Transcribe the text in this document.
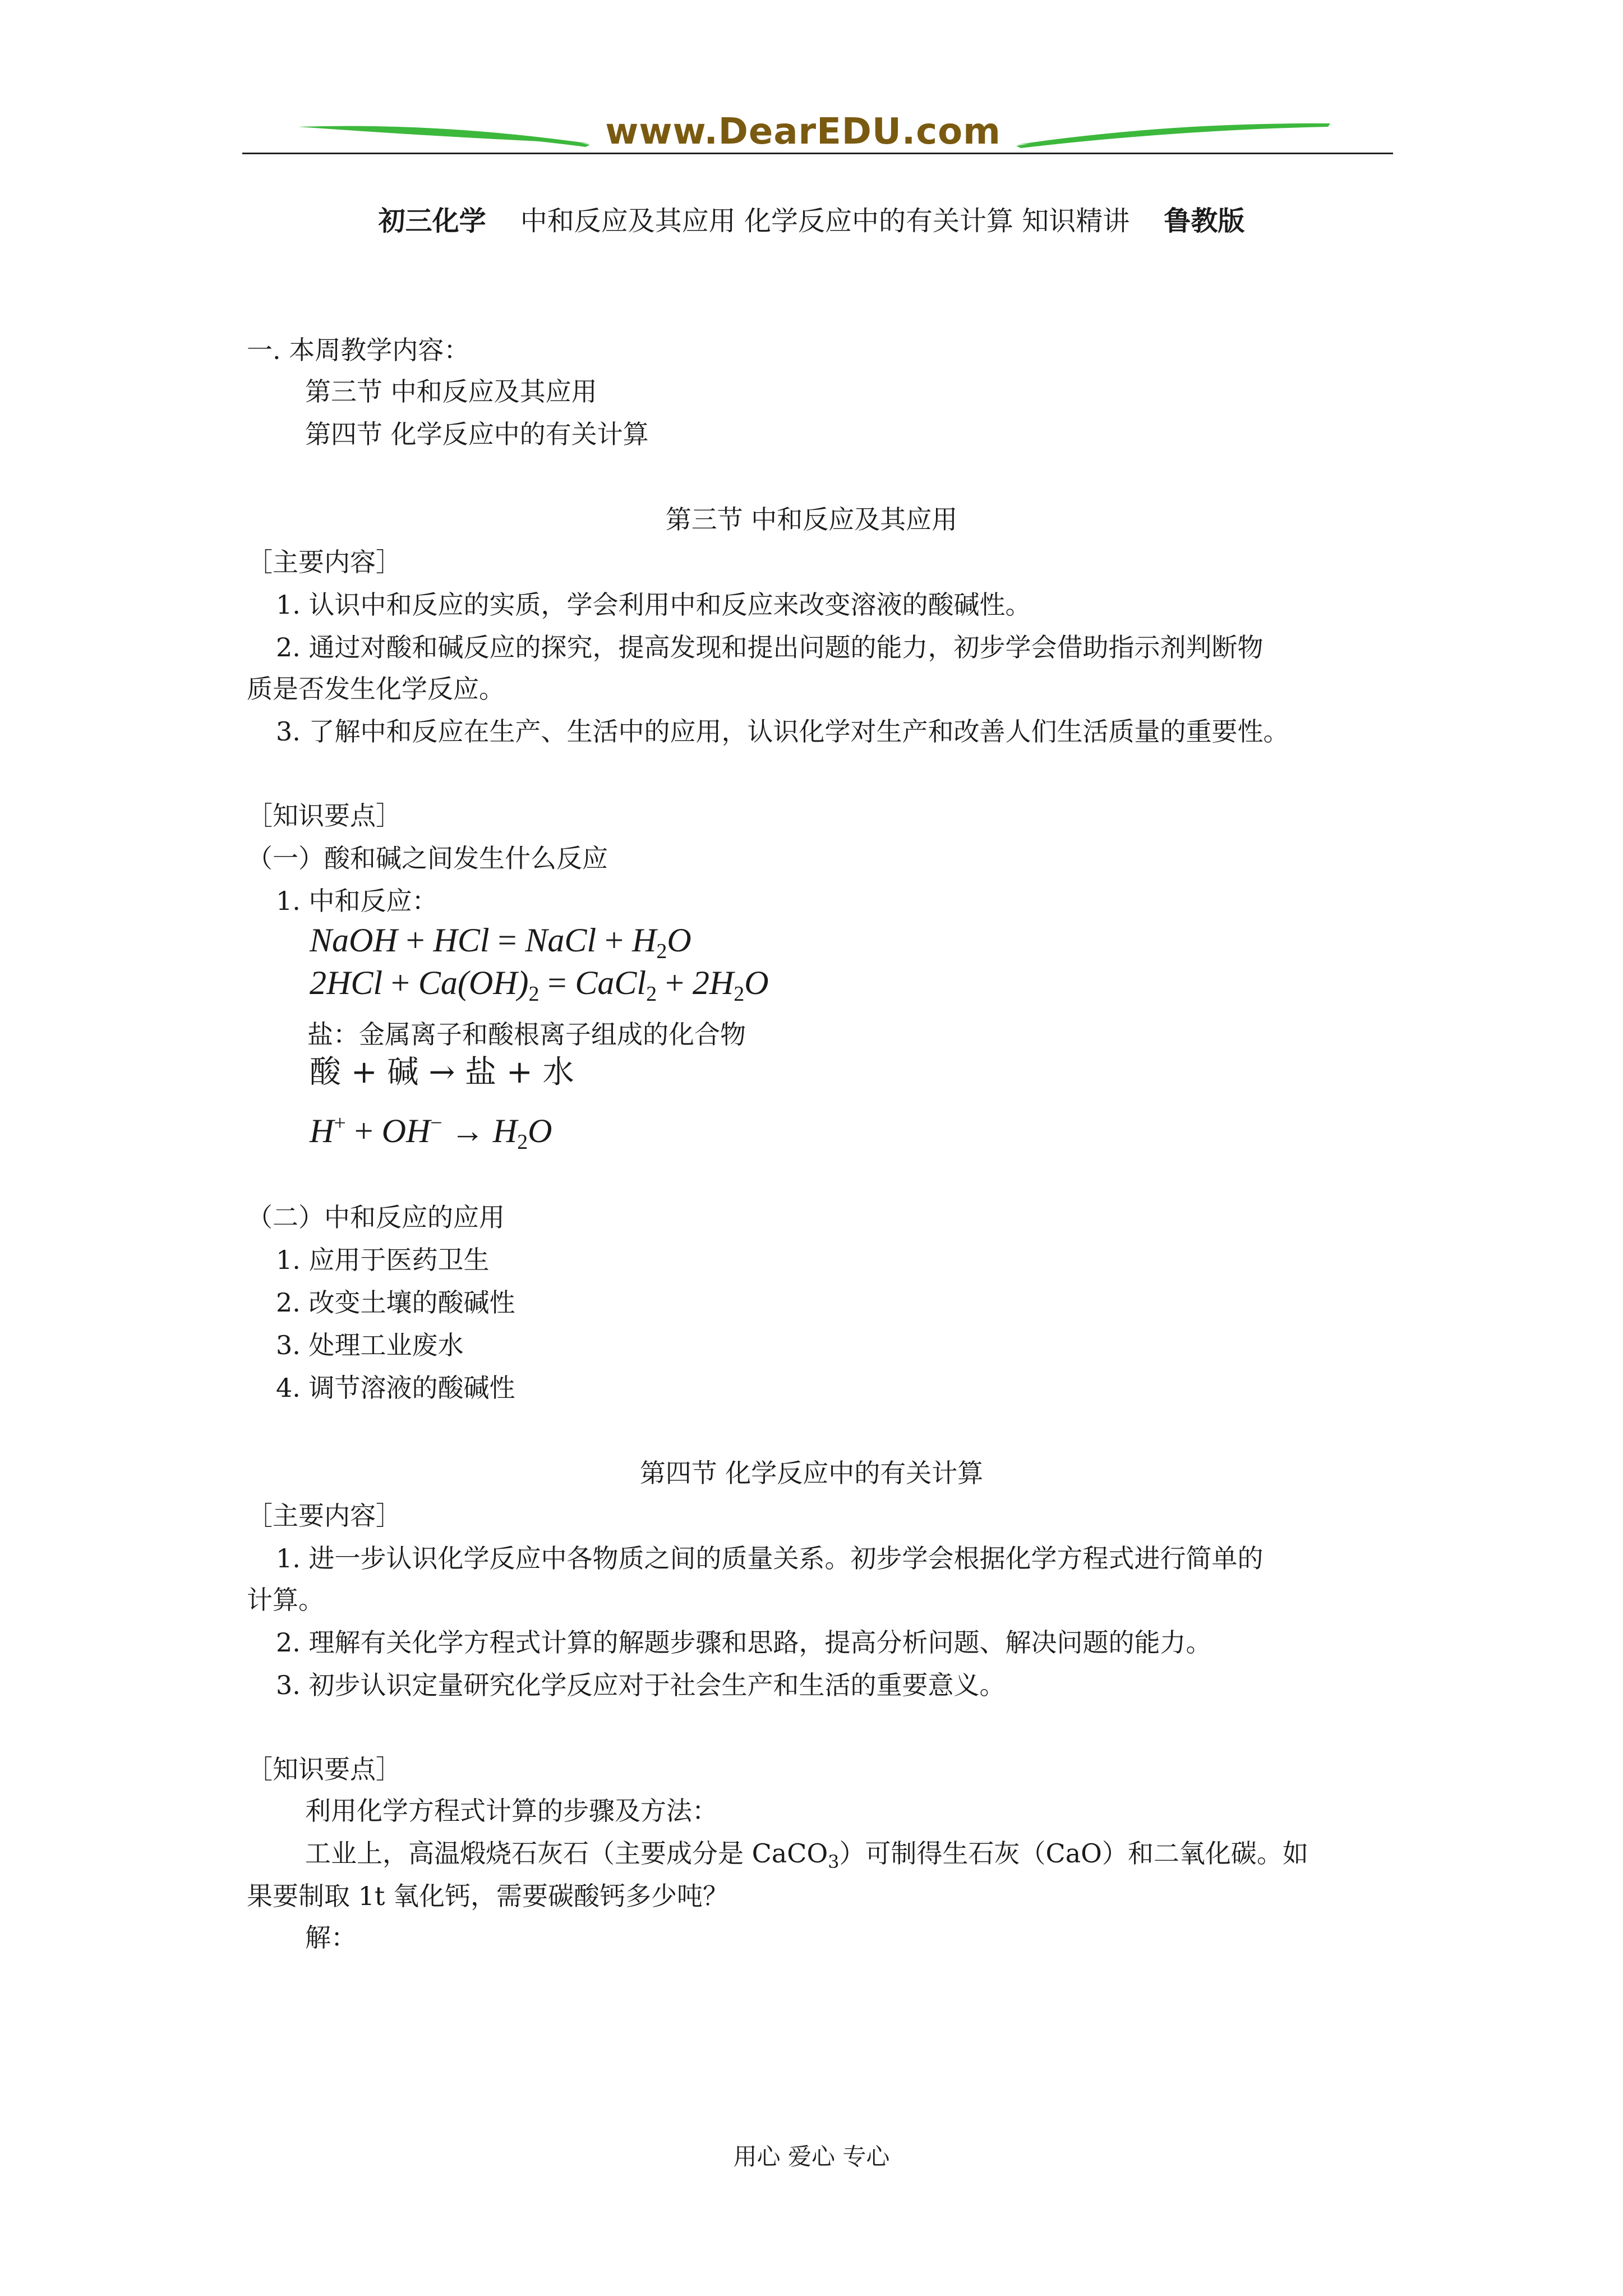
www.DearEDU.com
初三化学 中和反应及其应用 化学反应中的有关计算 知识精讲 鲁教版
一. 本周教学内容：
第三节 中和反应及其应用
第四节 化学反应中的有关计算
第三节 中和反应及其应用
［主要内容］
1. 认识中和反应的实质，学会利用中和反应来改变溶液的酸碱性。
2. 通过对酸和碱反应的探究，提高发现和提出问题的能力，初步学会借助指示剂判断物
质是否发生化学反应。
3. 了解中和反应在生产、生活中的应用，认识化学对生产和改善人们生活质量的重要性。
［知识要点］
（一）酸和碱之间发生什么反应
1. 中和反应：
NaOH + HCl = NaCl + $H_2O$
$2HCl + Ca(OH)_2$ = CaCl$_2$ + $2H_2O$
盐：金属离子和酸根离子组成的化合物
酸 + 碱 → 盐 + 水
$H^+ + OH^- \to H_2O$
（二）中和反应的应用
1. 应用于医药卫生
2. 改变土壤的酸碱性
3. 处理工业废水
4. 调节溶液的酸碱性
第四节 化学反应中的有关计算
［主要内容］
1. 进一步认识化学反应中各物质之间的质量关系。初步学会根据化学方程式进行简单的
计算。
2. 理解有关化学方程式计算的解题步骤和思路，提高分析问题、解决问题的能力。
3. 初步认识定量研究化学反应对于社会生产和生活的重要意义。
［知识要点］
利用化学方程式计算的步骤及方法：
工业上，高温煅烧石灰石（主要成分是 CaCO$_3$）可制得生石灰（CaO）和二氧化碳。如
果要制取 1t 氧化钙，需要碳酸钙多少吨？
解：
用心 爱心 专心
